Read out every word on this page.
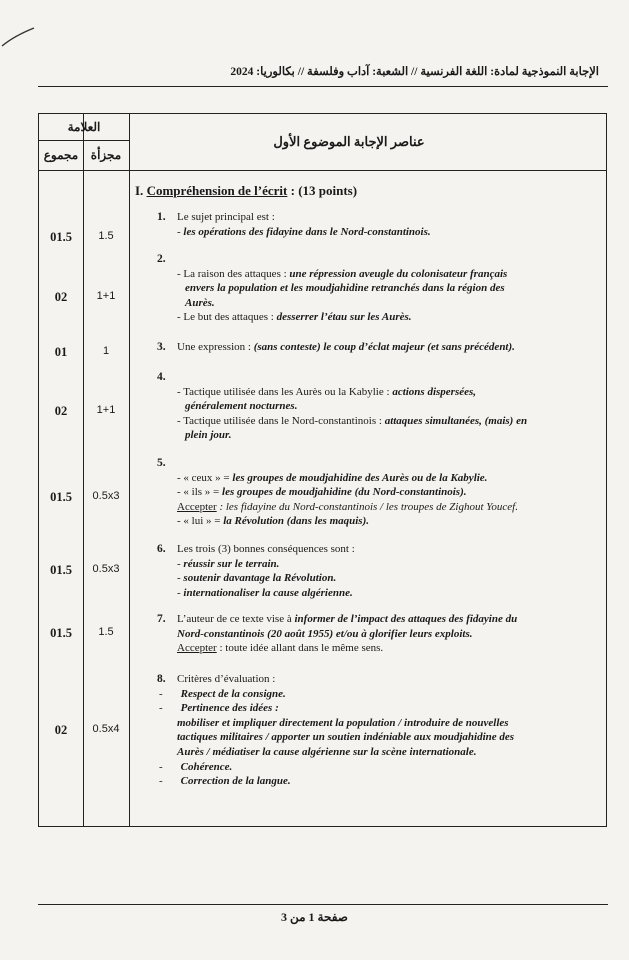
الإجابة النموذجية لمادة: اللغة الفرنسية // الشعبة: آداب وفلسفة // بكالوريا: 2024
العلامة
مجزأة
مجموع
عناصر الإجابة الموضوع الأول
I. Compréhension de l’écrit : (13 points)
01.5	1.5
1. Le sujet principal est :
- les opérations des fidayine dans le Nord-constantinois.
02	1+1
2.
- La raison des attaques : une répression aveugle du colonisateur français
envers la population et les moudjahidine retranchés dans la région des
Aurès.
- Le but des attaques : desserrer l’étau sur les Aurès.
01	1	3. Une expression : (sans conteste) le coup d’éclat majeur (et sans précédent).
02	1+1
4.
- Tactique utilisée dans les Aurès ou la Kabylie : actions dispersées,
généralement nocturnes.
- Tactique utilisée dans le Nord-constantinois : attaques simultanées, (mais) en
plein jour.
01.5	0.5x3
5.
- « ceux » = les groupes de moudjahidine des Aurès ou de la Kabylie.
- « ils » = les groupes de moudjahidine (du Nord-constantinois).
Accepter : les fidayine du Nord-constantinois / les troupes de Zighout Youcef.
- « lui » = la Révolution (dans les maquis).
01.5	0.5x3
6. Les trois (3) bonnes conséquences sont :
- réussir sur le terrain.
- soutenir davantage la Révolution.
- internationaliser la cause algérienne.
01.5	1.5
7. L’auteur de ce texte vise à informer de l’impact des attaques des fidayine du
Nord-constantinois (20 août 1955) et/ou à glorifier leurs exploits.
Accepter : toute idée allant dans le même sens.
02	0.5x4
8. Critères d’évaluation :
- Respect de la consigne.
- Pertinence des idées :
mobiliser et impliquer directement la population / introduire de nouvelles
tactiques militaires / apporter un soutien indéniable aux moudjahidine des
Aurès / médiatiser la cause algérienne sur la scène internationale.
- Cohérence.
- Correction de la langue.
صفحة 1 من 3
